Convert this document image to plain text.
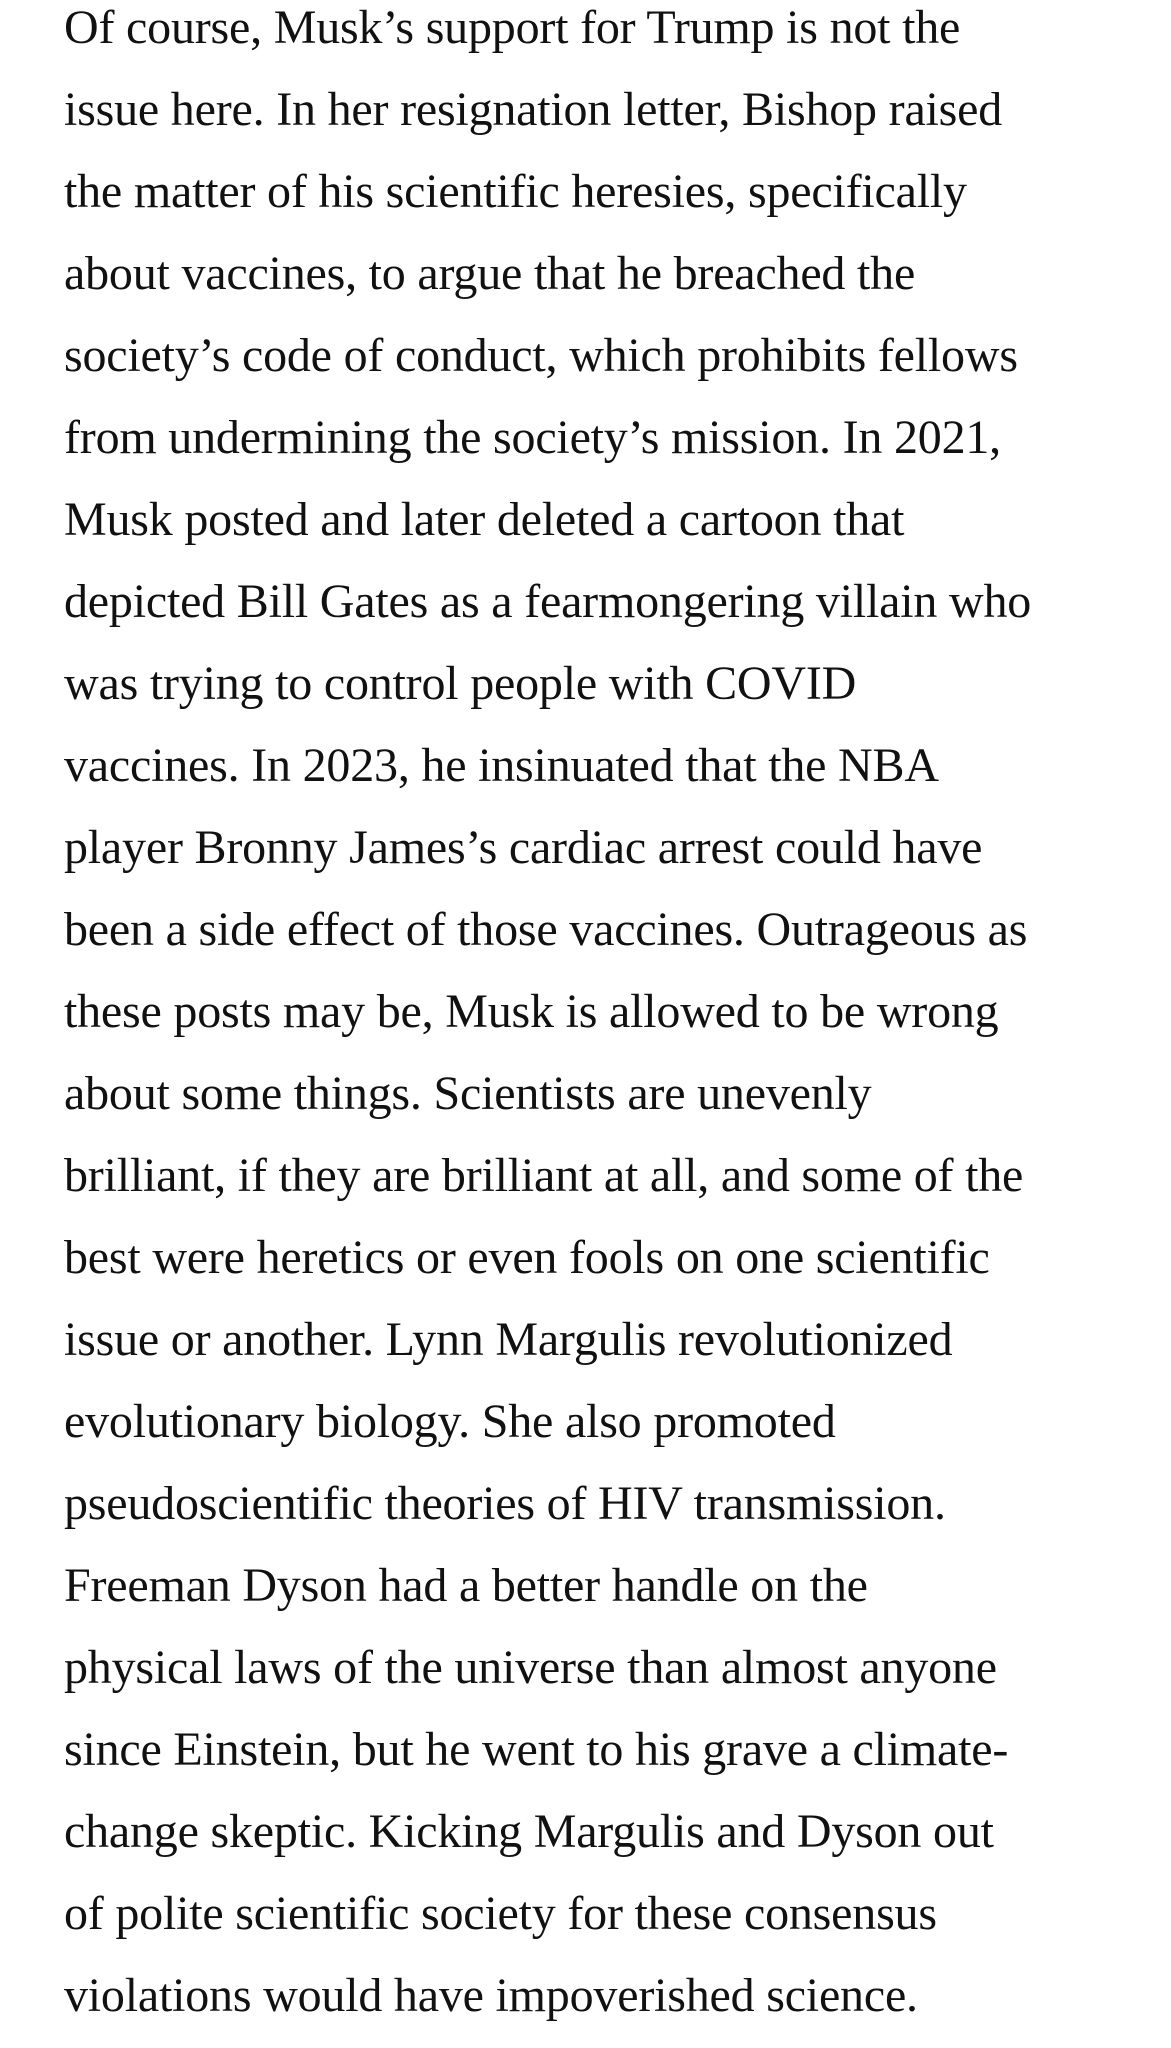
Of course, Musk’s support for Trump is not the
issue here. In her resignation letter, Bishop raised
the matter of his scientific heresies, specifically
about vaccines, to argue that he breached the
society’s code of conduct, which prohibits fellows
from undermining the society’s mission. In 2021,
Musk posted and later deleted a cartoon that
depicted Bill Gates as a fearmongering villain who
was trying to control people with COVID
vaccines. In 2023, he insinuated that the NBA
player Bronny James’s cardiac arrest could have
been a side effect of those vaccines. Outrageous as
these posts may be, Musk is allowed to be wrong
about some things. Scientists are unevenly
brilliant, if they are brilliant at all, and some of the
best were heretics or even fools on one scientific
issue or another. Lynn Margulis revolutionized
evolutionary biology. She also promoted
pseudoscientific theories of HIV transmission.
Freeman Dyson had a better handle on the
physical laws of the universe than almost anyone
since Einstein, but he went to his grave a climate-
change skeptic. Kicking Margulis and Dyson out
of polite scientific society for these consensus
violations would have impoverished science.
